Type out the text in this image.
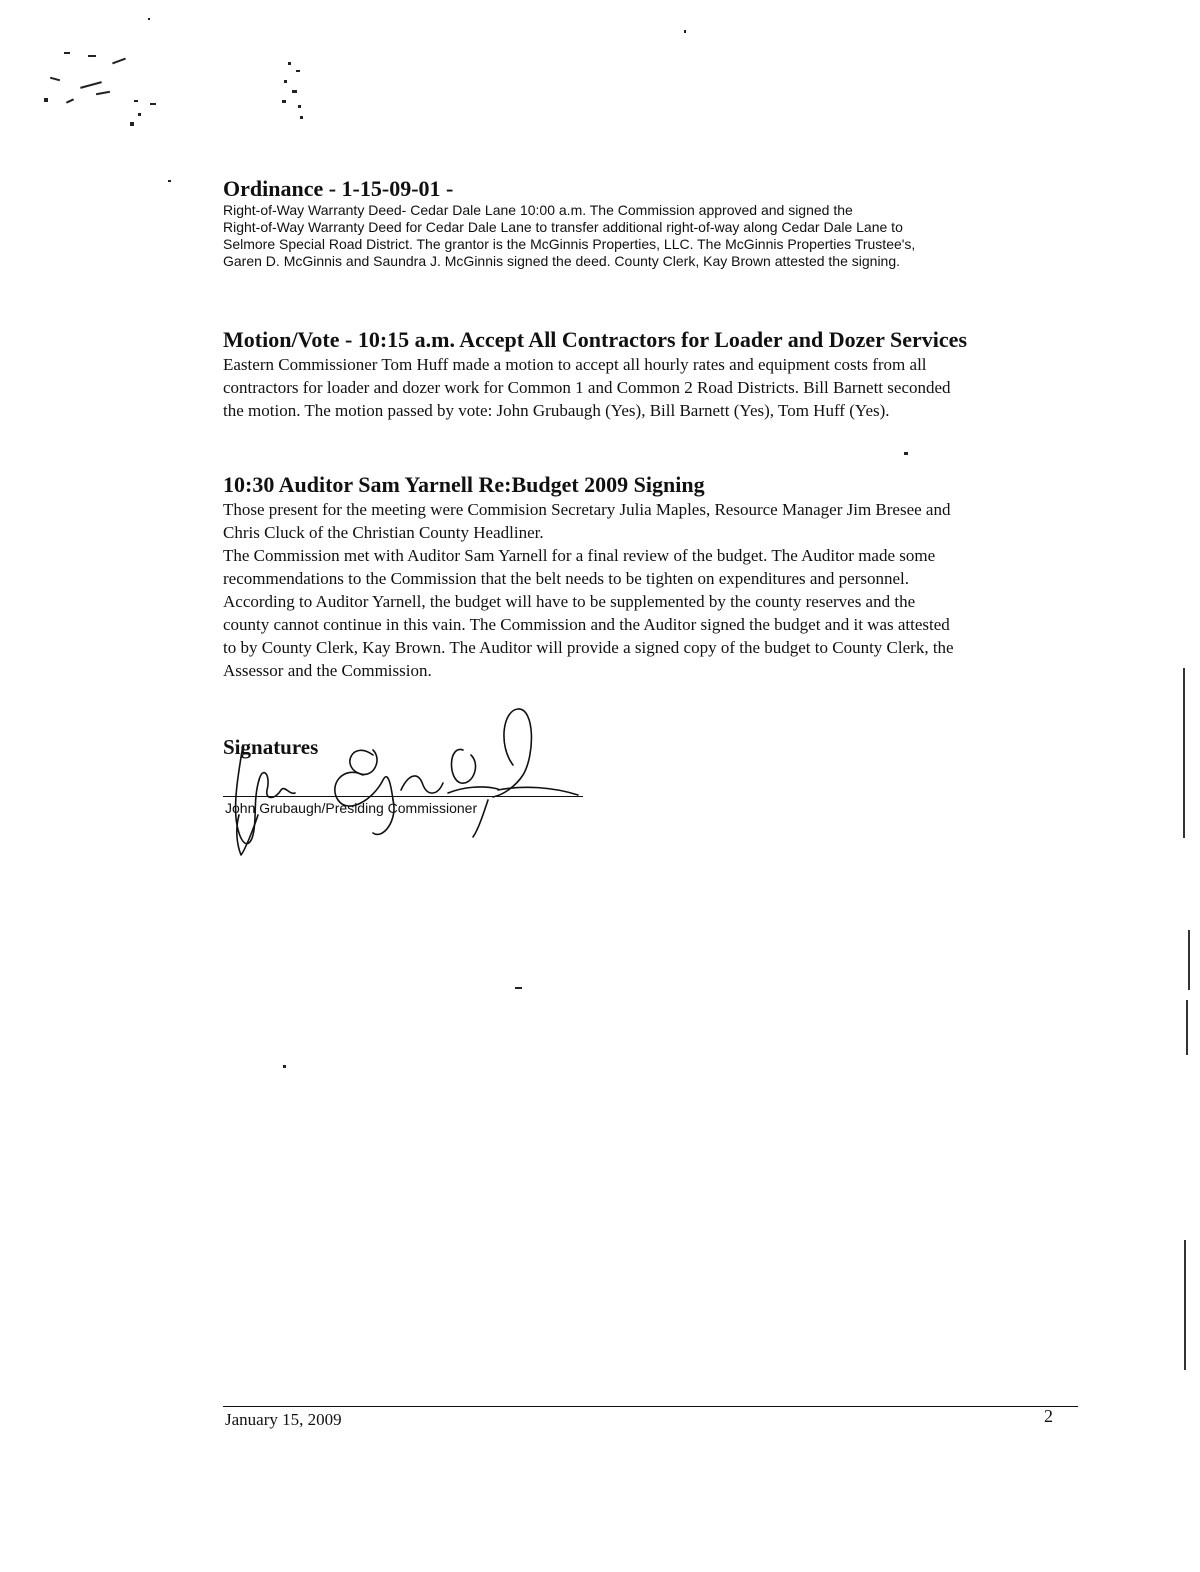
Ordinance - 1-15-09-01 -

Right-of-Way Warranty Deed- Cedar Dale Lane 10:00 a.m. The Commission approved and signed the
Right-of-Way Warranty Deed for Cedar Dale Lane to transfer additional right-of-way along Cedar Dale Lane to
Selmore Special Road District. The grantor is the McGinnis Properties, LLC. The McGinnis Properties Trustee's,
Garen D. McGinnis and Saundra J. McGinnis signed the deed. County Clerk, Kay Brown attested the signing.

Motion/Vote - 10:15 a.m. Accept All Contractors for Loader and Dozer Services

Eastern Commissioner Tom Huff made a motion to accept all hourly rates and equipment costs from all
contractors for loader and dozer work for Common 1 and Common 2 Road Districts. Bill Barnett seconded
the motion. The motion passed by vote: John Grubaugh (Yes), Bill Barnett (Yes), Tom Huff (Yes).

10:30 Auditor Sam Yarnell Re:Budget 2009 Signing

Those present for the meeting were Commision Secretary Julia Maples, Resource Manager Jim Bresee and
Chris Cluck of the Christian County Headliner.
The Commission met with Auditor Sam Yarnell for a final review of the budget. The Auditor made some
recommendations to the Commission that the belt needs to be tighten on expenditures and personnel.
According to Auditor Yarnell, the budget will have to be supplemented by the county reserves and the
county cannot continue in this vain. The Commission and the Auditor signed the budget and it was attested
to by County Clerk, Kay Brown. The Auditor will provide a signed copy of the budget to County Clerk, the
Assessor and the Commission.

Signatures
John Grubaugh/Presiding Commissioner
January 15, 2009	2
